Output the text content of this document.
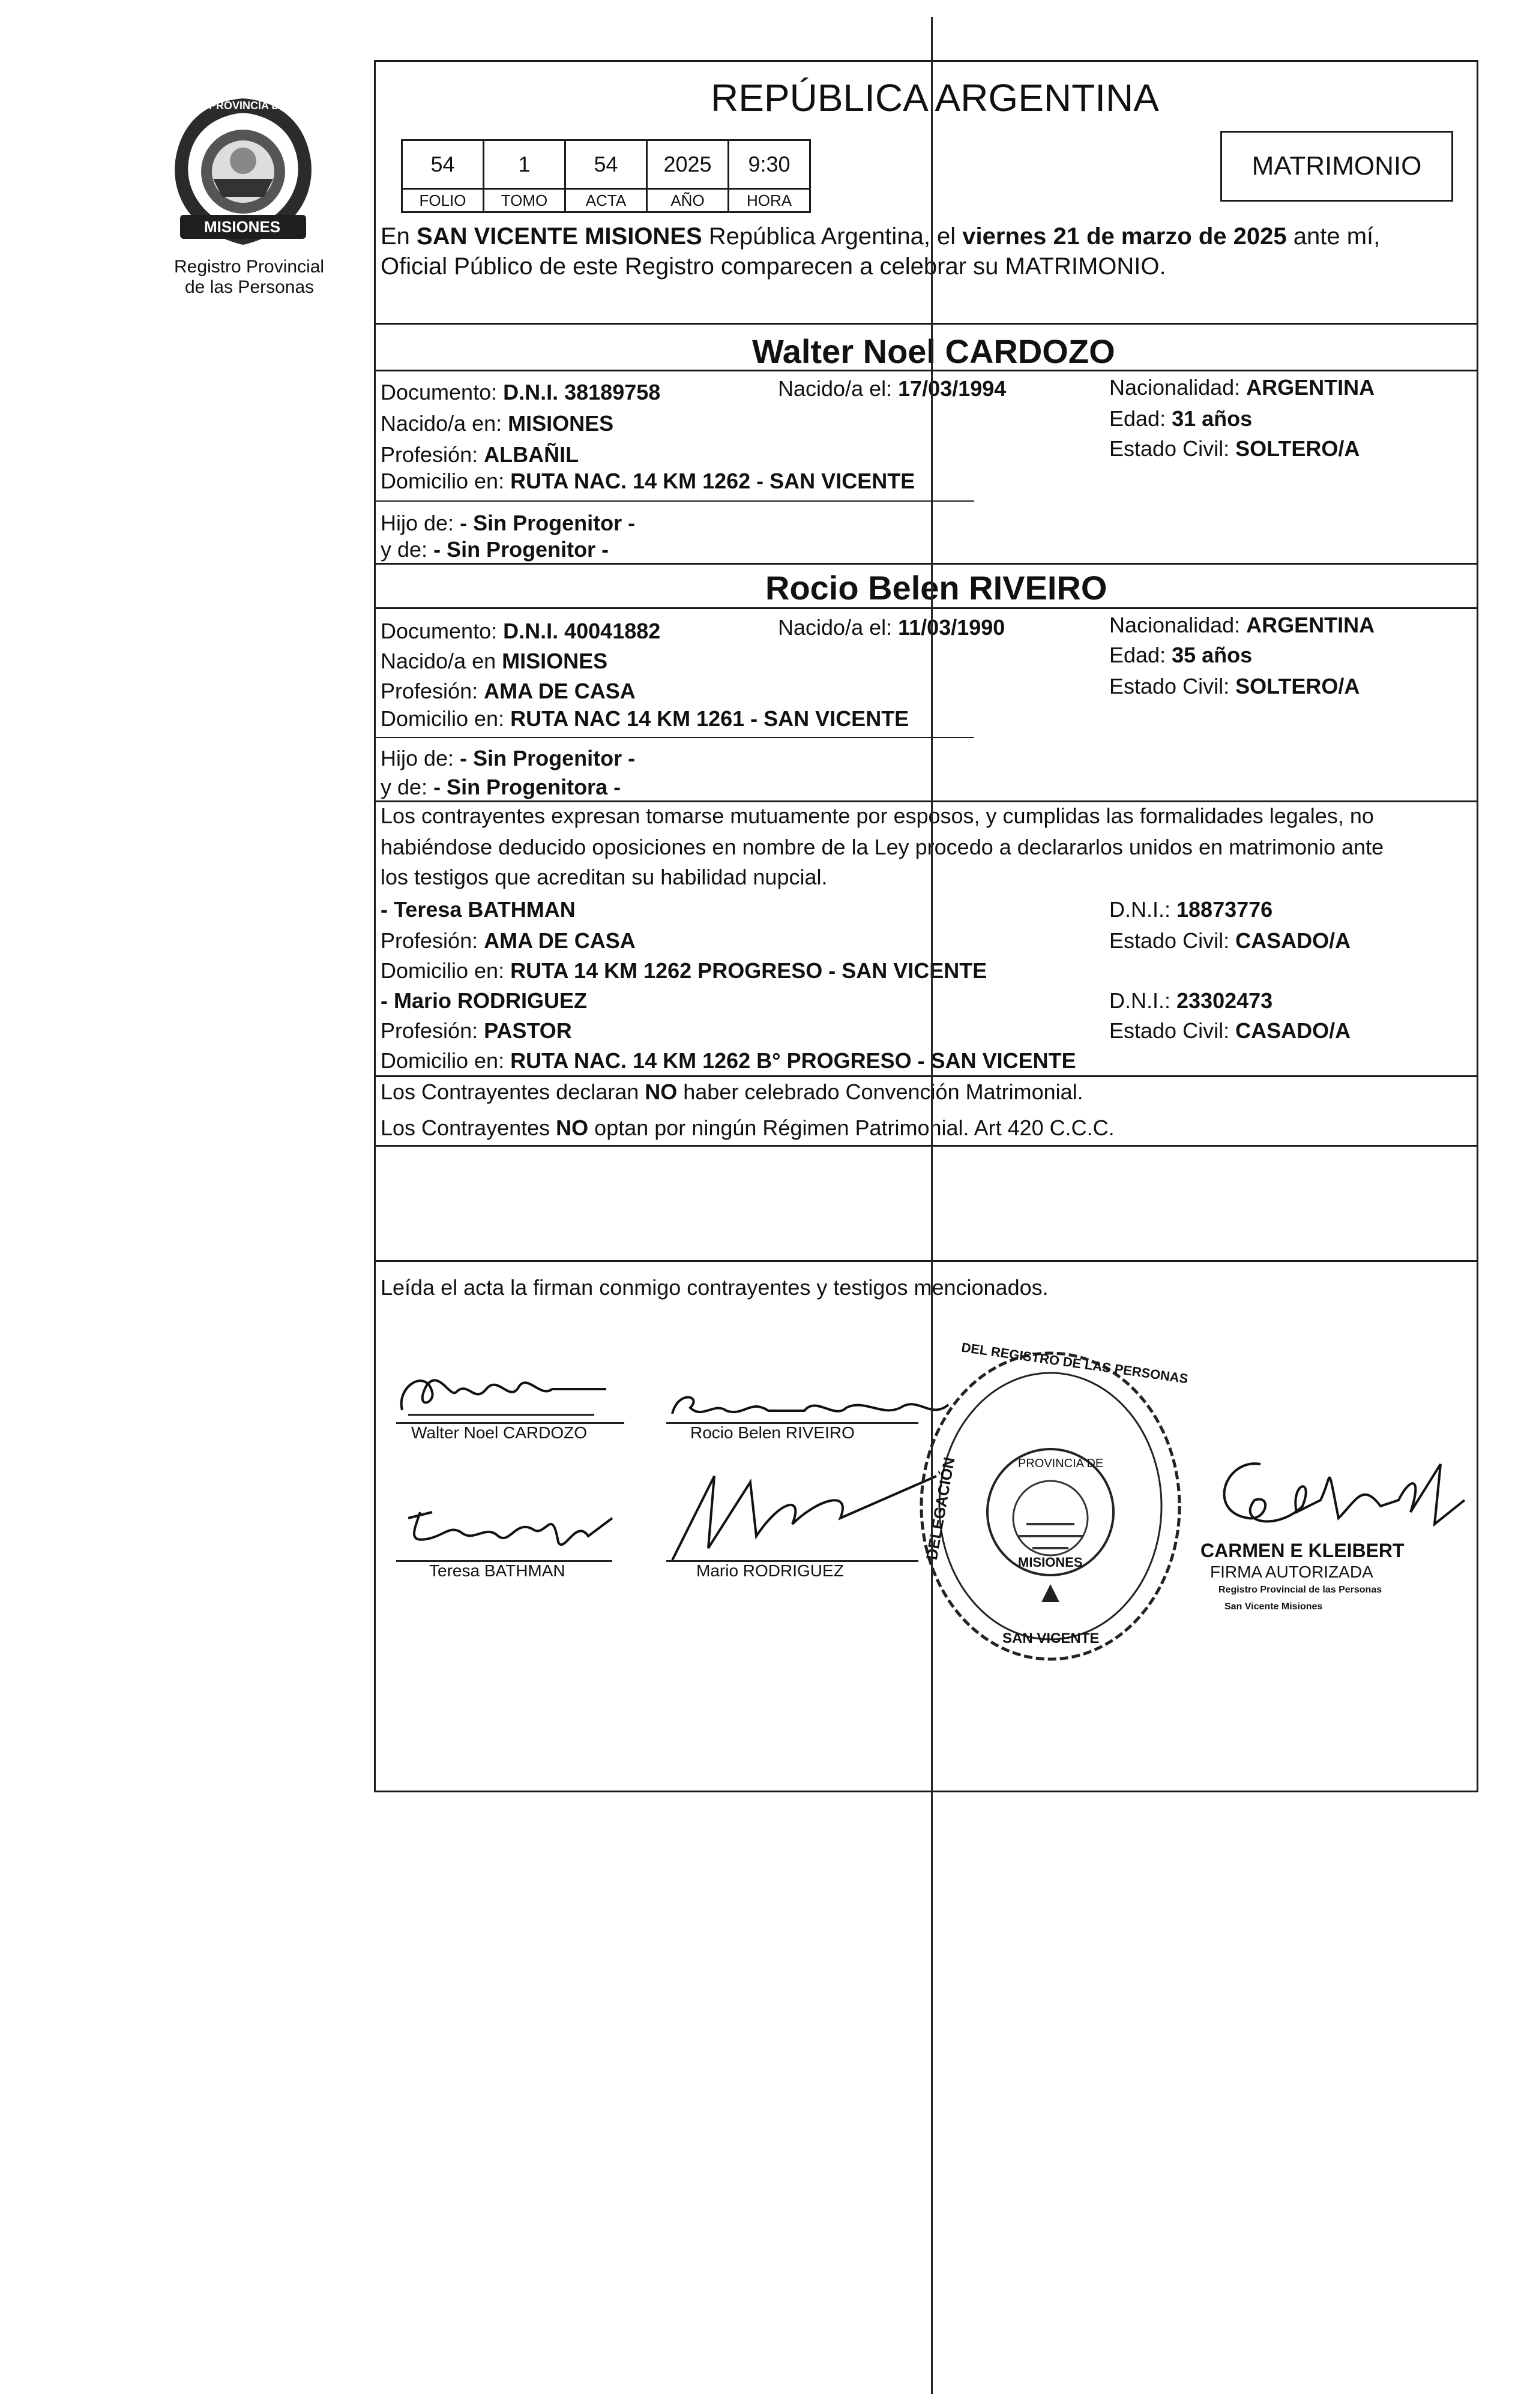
PROVINCIA DE
MISIONES
Registro Provincial
de las Personas
REPÚBLICA ARGENTINA
54	1	54	2025	9:30
FOLIO	TOMO	ACTA	AÑO	HORA
MATRIMONIO
En SAN VICENTE MISIONES República Argentina, el viernes 21 de marzo de 2025 ante mí,
Oficial Público de este Registro comparecen a celebrar su MATRIMONIO.
Walter Noel CARDOZO
Documento: D.N.I. 38189758	Nacido/a el: 17/03/1994	Nacionalidad: ARGENTINA
Nacido/a en: MISIONES	Edad: 31 años
Profesión: ALBAÑIL	Estado Civil: SOLTERO/A
Domicilio en: RUTA NAC. 14 KM 1262 - SAN VICENTE
Hijo de: - Sin Progenitor -
y de: - Sin Progenitor -
Rocio Belen RIVEIRO
Documento: D.N.I. 40041882	Nacido/a el: 11/03/1990	Nacionalidad: ARGENTINA
Nacido/a en MISIONES	Edad: 35 años
Profesión: AMA DE CASA	Estado Civil: SOLTERO/A
Domicilio en: RUTA NAC 14 KM 1261 - SAN VICENTE
Hijo de: - Sin Progenitor -
y de: - Sin Progenitora -
Los contrayentes expresan tomarse mutuamente por esposos, y cumplidas las formalidades legales, no
habiéndose deducido oposiciones en nombre de la Ley procedo a declararlos unidos en matrimonio ante
los testigos que acreditan su habilidad nupcial.
- Teresa BATHMAN	D.N.I.: 18873776
Profesión: AMA DE CASA	Estado Civil: CASADO/A
Domicilio en: RUTA 14 KM 1262 PROGRESO - SAN VICENTE
- Mario RODRIGUEZ	D.N.I.: 23302473
Profesión: PASTOR	Estado Civil: CASADO/A
Domicilio en: RUTA NAC. 14 KM 1262 B° PROGRESO - SAN VICENTE
Los Contrayentes declaran NO haber celebrado Convención Matrimonial.
Los Contrayentes NO optan por ningún Régimen Patrimonial. Art 420 C.C.C.
Leída el acta la firman conmigo contrayentes y testigos mencionados.
Walter Noel CARDOZO	Rocio Belen RIVEIRO
Teresa BATHMAN	Mario RODRIGUEZ
DEL REGISTRO DE LAS PERSONAS
DELEGACIÓN
SAN VICENTE
PROVINCIA DE
MISIONES
CARMEN E KLEIBERT
FIRMA AUTORIZADA
Registro Provincial de las Personas
San Vicente Misiones
